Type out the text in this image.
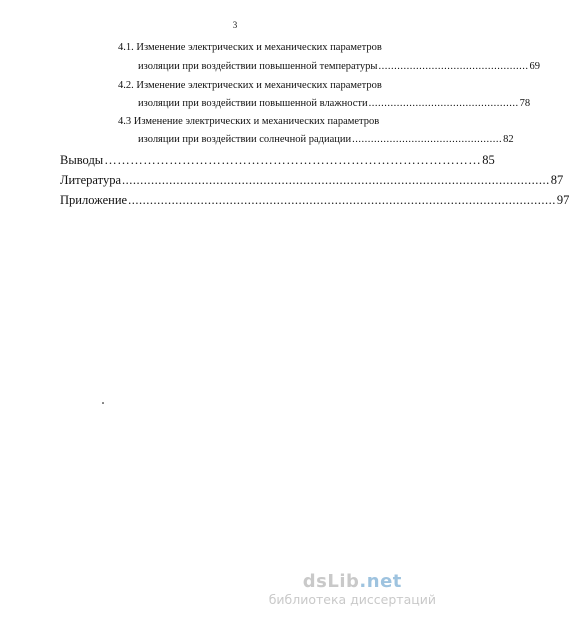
3
4.1. Изменение электрических и механических параметров
изоляции при воздействии повышенной температуры ................................................ 69
4.2. Изменение электрических и механических параметров
изоляции при воздействии повышенной влажности ................................................ 78
4.3 Изменение электрических и механических параметров
изоляции при воздействии солнечной радиации ................................................ 82
Выводы …………………………………………………………………………… 85
Литература ...................................................................................................................... 87
Приложение ...................................................................................................................... 97
dsLib.net
библиотека диссертаций
